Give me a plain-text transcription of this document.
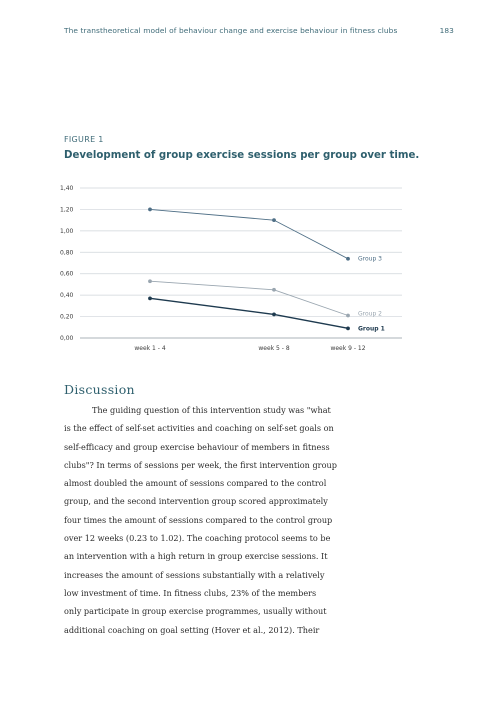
The transtheoretical model of behaviour change and exercise behaviour in fitness clubs	183
FIGURE 1
Development of group exercise sessions per group over time.
0,00
0,20
0,40
0,60
0,80
1,00
1,20
1,40
week 1 - 4	week 5 - 8	week 9 - 12
Group 3
Group 2
Group 1
Discussion
The guiding question of this intervention study was "what
is the effect of self-set activities and coaching on self-set goals on
self-efficacy and group exercise behaviour of members in fitness
clubs"? In terms of sessions per week, the first intervention group
almost doubled the amount of sessions compared to the control
group, and the second intervention group scored approximately
four times the amount of sessions compared to the control group
over 12 weeks (0.23 to 1.02). The coaching protocol seems to be
an intervention with a high return in group exercise sessions. It
increases the amount of sessions substantially with a relatively
low investment of time. In fitness clubs, 23% of the members
only participate in group exercise programmes, usually without
additional coaching on goal setting (Hover et al., 2012). Their
